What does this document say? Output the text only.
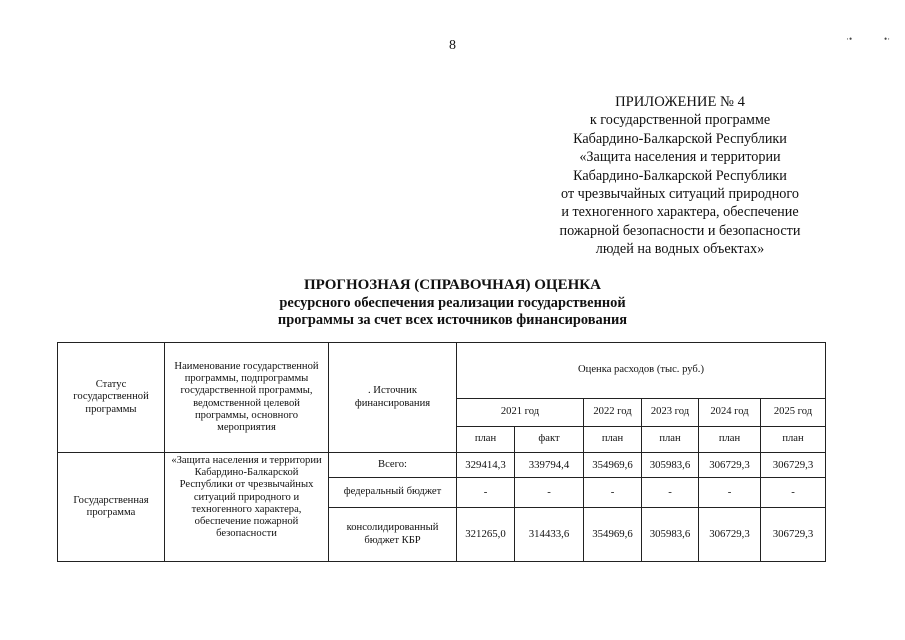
8	·•	•·
ПРИЛОЖЕНИЕ № 4
к государственной программе
Кабардино-Балкарской Республики
«Защита населения и территории
Кабардино-Балкарской Республики
от чрезвычайных ситуаций природного
и техногенного характера, обеспечение
пожарной безопасности и безопасности
людей на водных объектах»
ПРОГНОЗНАЯ (СПРАВОЧНАЯ) ОЦЕНКА
ресурсного обеспечения реализации государственной
программы за счет всех источников финансирования
Статус государственной программы	Наименование государственной программы, подпрограммы государственной программы, ведомственной целевой программы, основного мероприятия	. Источник финансирования	Оценка расходов (тыс. руб.)					
			2021 год		2022 год	2023 год	2024 год	2025 год
			план	факт	план	план	план	план
Государственная программа	«Защита населения и территории Кабардино-Балкарской Республики от чрезвычайных ситуаций природного и техногенного характера, обеспечение пожарной безопасности	Всего:	329414,3	339794,4	354969,6	305983,6	306729,3	306729,3
		федеральный бюджет	-	-	-	-	-	-
		консолидированный бюджет КБР	321265,0	314433,6	354969,6	305983,6	306729,3	306729,3
